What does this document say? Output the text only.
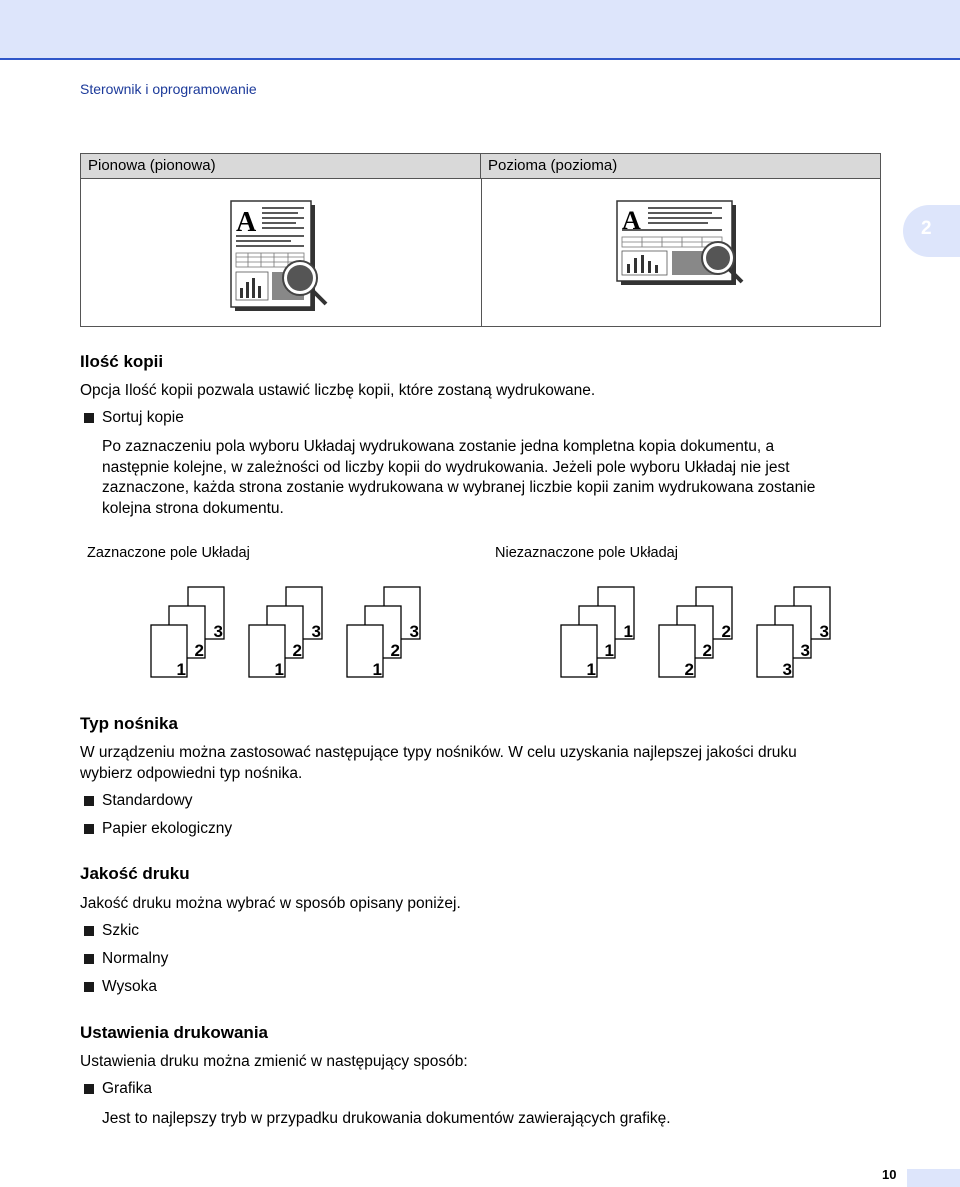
Sterownik i oprogramowanie
2
Pionowa (pionowa)	Pozioma (pozioma)
A	A
Ilość kopii
Opcja Ilość kopii pozwala ustawić liczbę kopii, które zostaną wydrukowane.
Sortuj kopie
Po zaznaczeniu pola wyboru Układaj wydrukowana zostanie jedna kompletna kopia dokumentu, a
następnie kolejne, w zależności od liczby kopii do wydrukowania. Jeżeli pole wyboru Układaj nie jest
zaznaczone, każda strona zostanie wydrukowana w wybranej liczbie kopii zanim wydrukowana zostanie
kolejna strona dokumentu.
Zaznaczone pole Układaj	Niezaznaczone pole Układaj
3
2
1
3
2
1
3
2
1
1
1
1
2
2
2
3
3
3
Typ nośnika
W urządzeniu można zastosować następujące typy nośników. W celu uzyskania najlepszej jakości druku
wybierz odpowiedni typ nośnika.
Standardowy
Papier ekologiczny
Jakość druku
Jakość druku można wybrać w sposób opisany poniżej.
Szkic
Normalny
Wysoka
Ustawienia drukowania
Ustawienia druku można zmienić w następujący sposób:
Grafika
Jest to najlepszy tryb w przypadku drukowania dokumentów zawierających grafikę.
10
